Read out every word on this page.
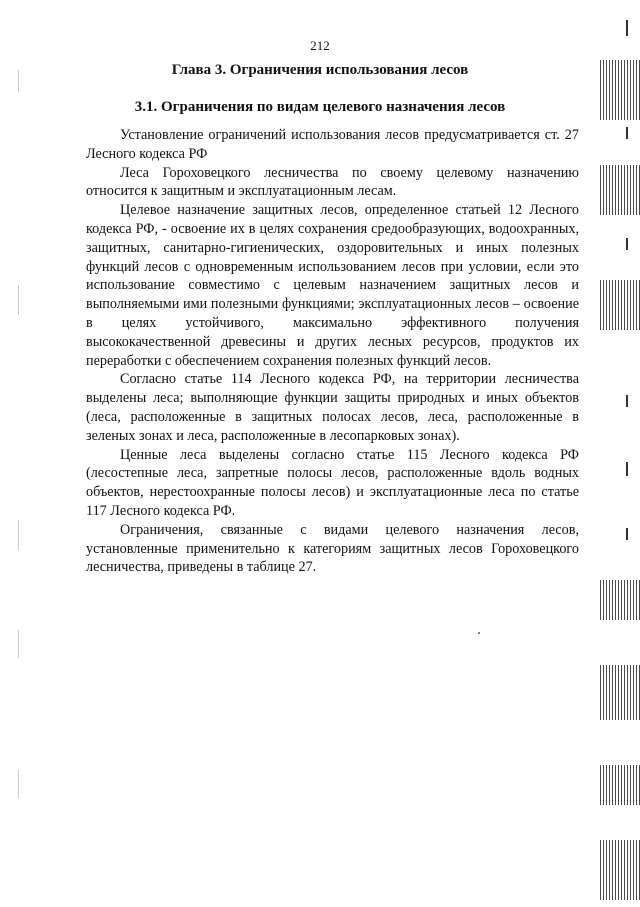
212
Глава 3. Ограничения использования лесов
3.1. Ограничения по видам целевого назначения лесов

Установление ограничений использования лесов предусматривается ст. 27 Лесного кодекса РФ

Леса Гороховецкого лесничества по своему целевому назначению относится к защитным и эксплуатационным лесам.

Целевое назначение защитных лесов, определенное статьей 12 Лесного кодекса РФ, - освоение их в целях сохранения средообразующих, водоохранных, защитных, санитарно-гигиенических, оздоровительных и иных полезных функций лесов с одновременным использованием лесов при условии, если это использование совместимо с целевым назначением защитных лесов и выполняемыми ими полезными функциями; эксплуатационных лесов – освоение в целях устойчивого, максимально эффективного получения высококачественной древесины и других лесных ресурсов, продуктов их переработки с обеспечением сохранения полезных функций лесов.

Согласно статье 114 Лесного кодекса РФ, на территории лесничества выделены леса; выполняющие функции защиты природных и иных объектов (леса, расположенные в защитных полосах лесов, леса, расположенные в зеленых зонах и леса, расположенные в лесопарковых зонах).

Ценные леса выделены согласно статье 115 Лесного кодекса РФ (лесостепные леса, запретные полосы лесов, расположенные вдоль водных объектов, нерестоохранные полосы лесов) и эксплуатационные леса по статье 117 Лесного кодекса РФ.

Ограничения, связанные с видами целевого назначения лесов, установленные применительно к категориям защитных лесов Гороховецкого лесничества, приведены в таблице 27.
